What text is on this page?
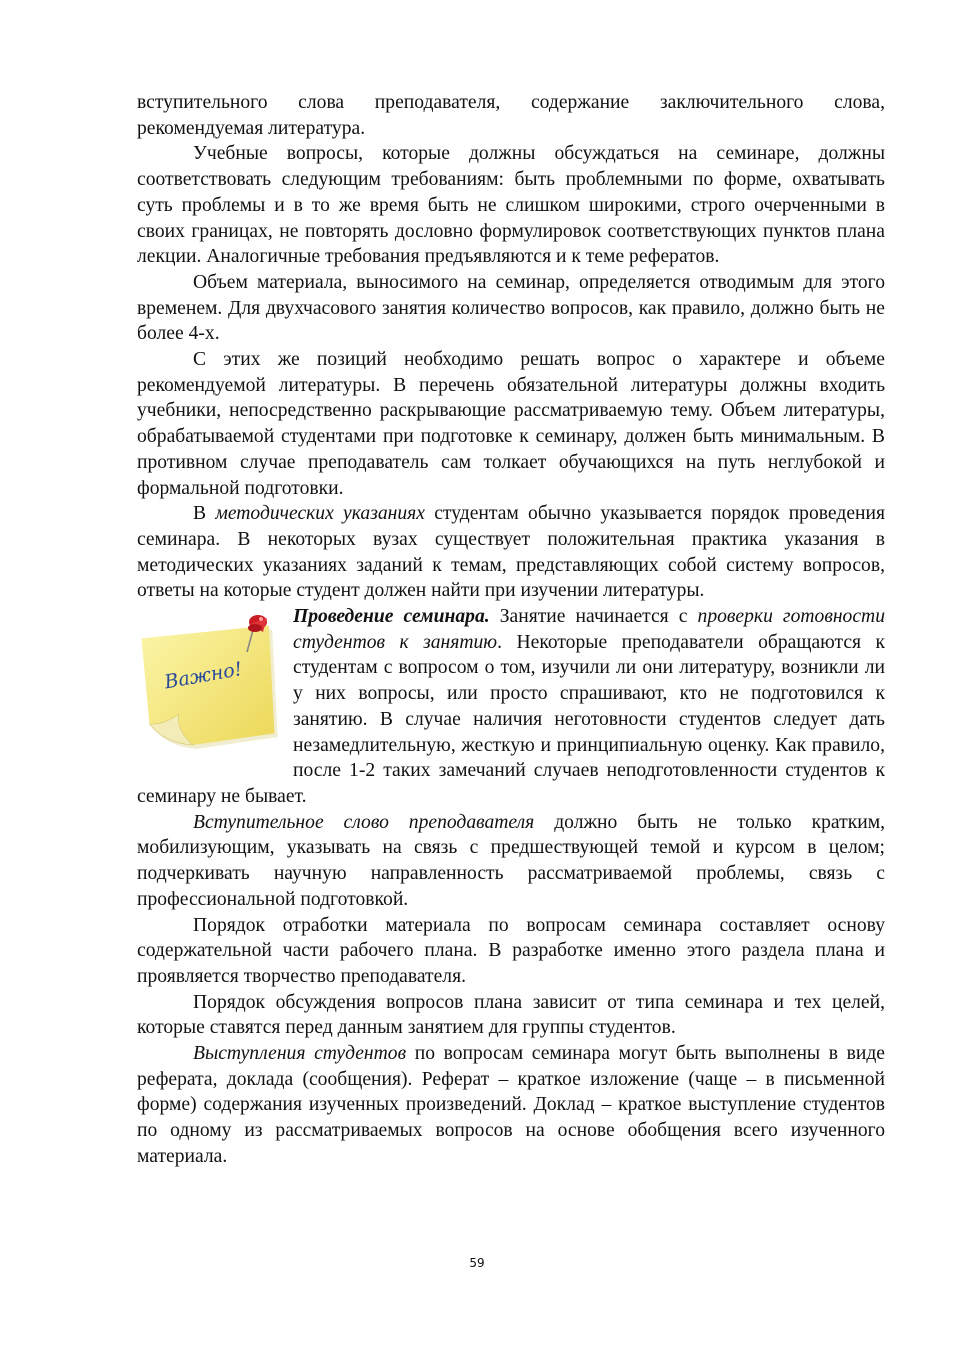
вступительного слова преподавателя, содержание заключительного слова, рекомендуемая литература.

Учебные вопросы, которые должны обсуждаться на семинаре, должны соответствовать следующим требованиям: быть проблемными по форме, охватывать суть проблемы и в то же время быть не слишком широкими, строго очерченными в своих границах, не повторять дословно формулировок соответствующих пунктов плана лекции. Аналогичные требования предъявляются и к теме рефератов.

Объем материала, выносимого на семинар, определяется отводимым для этого временем. Для двухчасового занятия количество вопросов, как правило, должно быть не более 4-х.

С этих же позиций необходимо решать вопрос о характере и объеме рекомендуемой литературы. В перечень обязательной литературы должны входить учебники, непосредственно раскрывающие рассматриваемую тему. Объем литературы, обрабатываемой студентами при подготовке к семинару, должен быть минимальным. В противном случае преподаватель сам толкает обучающихся на путь неглубокой и формальной подготовки.

В методических указаниях студентам обычно указывается порядок проведения семинара. В некоторых вузах существует положительная практика указания в методических указаниях заданий к темам, представляющих собой систему вопросов, ответы на которые студент должен найти при изучении литературы.

Важно!

Проведение семинара. Занятие начинается с проверки готовности студентов к занятию. Некоторые преподаватели обращаются к студентам с вопросом о том, изучили ли они литературу, возникли ли у них вопросы, или просто спрашивают, кто не подготовился к занятию. В случае наличия неготовности студентов следует дать незамедлительную, жесткую и принципиальную оценку. Как правило, после 1-2 таких замечаний случаев неподготовленности студентов к семинару не бывает.

Вступительное слово преподавателя должно быть не только кратким, мобилизующим, указывать на связь с предшествующей темой и курсом в целом; подчеркивать научную направленность рассматриваемой проблемы, связь с профессиональной подготовкой.

Порядок отработки материала по вопросам семинара составляет основу содержательной части рабочего плана. В разработке именно этого раздела плана и проявляется творчество преподавателя.

Порядок обсуждения вопросов плана зависит от типа семинара и тех целей, которые ставятся перед данным занятием для группы студентов.

Выступления студентов по вопросам семинара могут быть выполнены в виде реферата, доклада (сообщения). Реферат – краткое изложение (чаще – в письменной форме) содержания изученных произведений. Доклад – краткое выступление студентов по одному из рассматриваемых вопросов на основе обобщения всего изученного материала.

59
